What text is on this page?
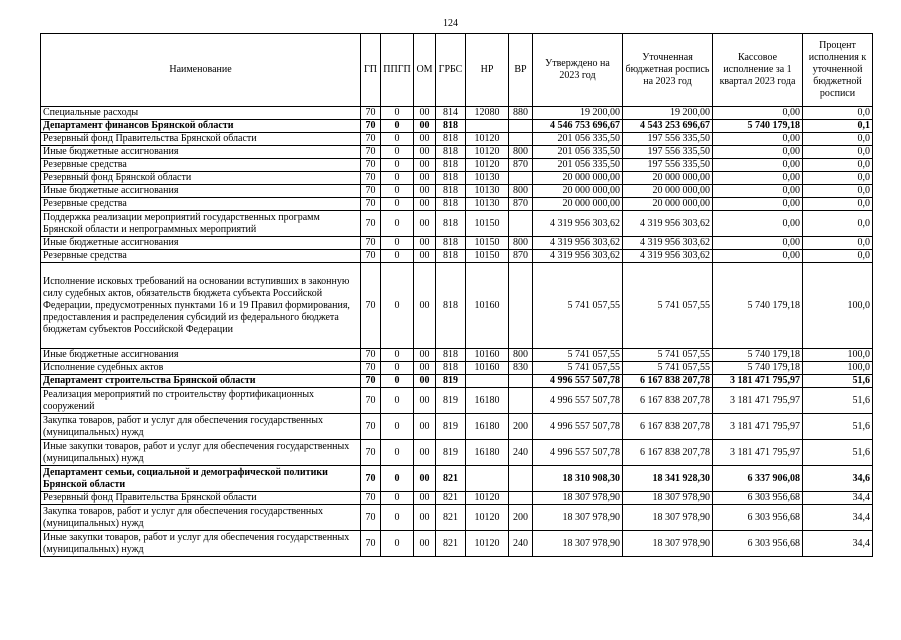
124
Наименование	ГП	ППГП	ОМ	ГРБС	НР	ВР	Утверждено на 2023 год	Уточненная бюджетная роспись на 2023 год	Кассовое исполнение за 1 квартал 2023 года	Процент исполнения к уточненной бюджетной росписи
Специальные расходы	70	0	00	814	12080	880	19 200,00	19 200,00	0,00	0,0
Департамент финансов Брянской области	70	0	00	818			4 546 753 696,67	4 543 253 696,67	5 740 179,18	0,1
Резервный фонд Правительства Брянской области	70	0	00	818	10120		201 056 335,50	197 556 335,50	0,00	0,0
Иные бюджетные ассигнования	70	0	00	818	10120	800	201 056 335,50	197 556 335,50	0,00	0,0
Резервные средства	70	0	00	818	10120	870	201 056 335,50	197 556 335,50	0,00	0,0
Резервный фонд Брянской области	70	0	00	818	10130		20 000 000,00	20 000 000,00	0,00	0,0
Иные бюджетные ассигнования	70	0	00	818	10130	800	20 000 000,00	20 000 000,00	0,00	0,0
Резервные средства	70	0	00	818	10130	870	20 000 000,00	20 000 000,00	0,00	0,0
Поддержка реализации мероприятий государственных программ Брянской области и непрограммных мероприятий	70	0	00	818	10150		4 319 956 303,62	4 319 956 303,62	0,00	0,0
Иные бюджетные ассигнования	70	0	00	818	10150	800	4 319 956 303,62	4 319 956 303,62	0,00	0,0
Резервные средства	70	0	00	818	10150	870	4 319 956 303,62	4 319 956 303,62	0,00	0,0
Исполнение исковых требований на основании вступивших в законную силу судебных актов, обязательств бюджета субъекта Российской Федерации, предусмотренных пунктами 16 и 19 Правил формирования, предоставления и распределения субсидий из федерального бюджета бюджетам субъектов Российской Федерации	70	0	00	818	10160		5 741 057,55	5 741 057,55	5 740 179,18	100,0
Иные бюджетные ассигнования	70	0	00	818	10160	800	5 741 057,55	5 741 057,55	5 740 179,18	100,0
Исполнение судебных актов	70	0	00	818	10160	830	5 741 057,55	5 741 057,55	5 740 179,18	100,0
Департамент строительства Брянской области	70	0	00	819			4 996 557 507,78	6 167 838 207,78	3 181 471 795,97	51,6
Реализация мероприятий по строительству фортификационных сооружений	70	0	00	819	16180		4 996 557 507,78	6 167 838 207,78	3 181 471 795,97	51,6
Закупка товаров, работ и услуг для обеспечения государственных (муниципальных) нужд	70	0	00	819	16180	200	4 996 557 507,78	6 167 838 207,78	3 181 471 795,97	51,6
Иные закупки товаров, работ и услуг для обеспечения государственных (муниципальных) нужд	70	0	00	819	16180	240	4 996 557 507,78	6 167 838 207,78	3 181 471 795,97	51,6
Департамент семьи, социальной и демографической политики Брянской области	70	0	00	821			18 310 908,30	18 341 928,30	6 337 906,08	34,6
Резервный фонд Правительства Брянской области	70	0	00	821	10120		18 307 978,90	18 307 978,90	6 303 956,68	34,4
Закупка товаров, работ и услуг для обеспечения государственных (муниципальных) нужд	70	0	00	821	10120	200	18 307 978,90	18 307 978,90	6 303 956,68	34,4
Иные закупки товаров, работ и услуг для обеспечения государственных (муниципальных) нужд	70	0	00	821	10120	240	18 307 978,90	18 307 978,90	6 303 956,68	34,4
